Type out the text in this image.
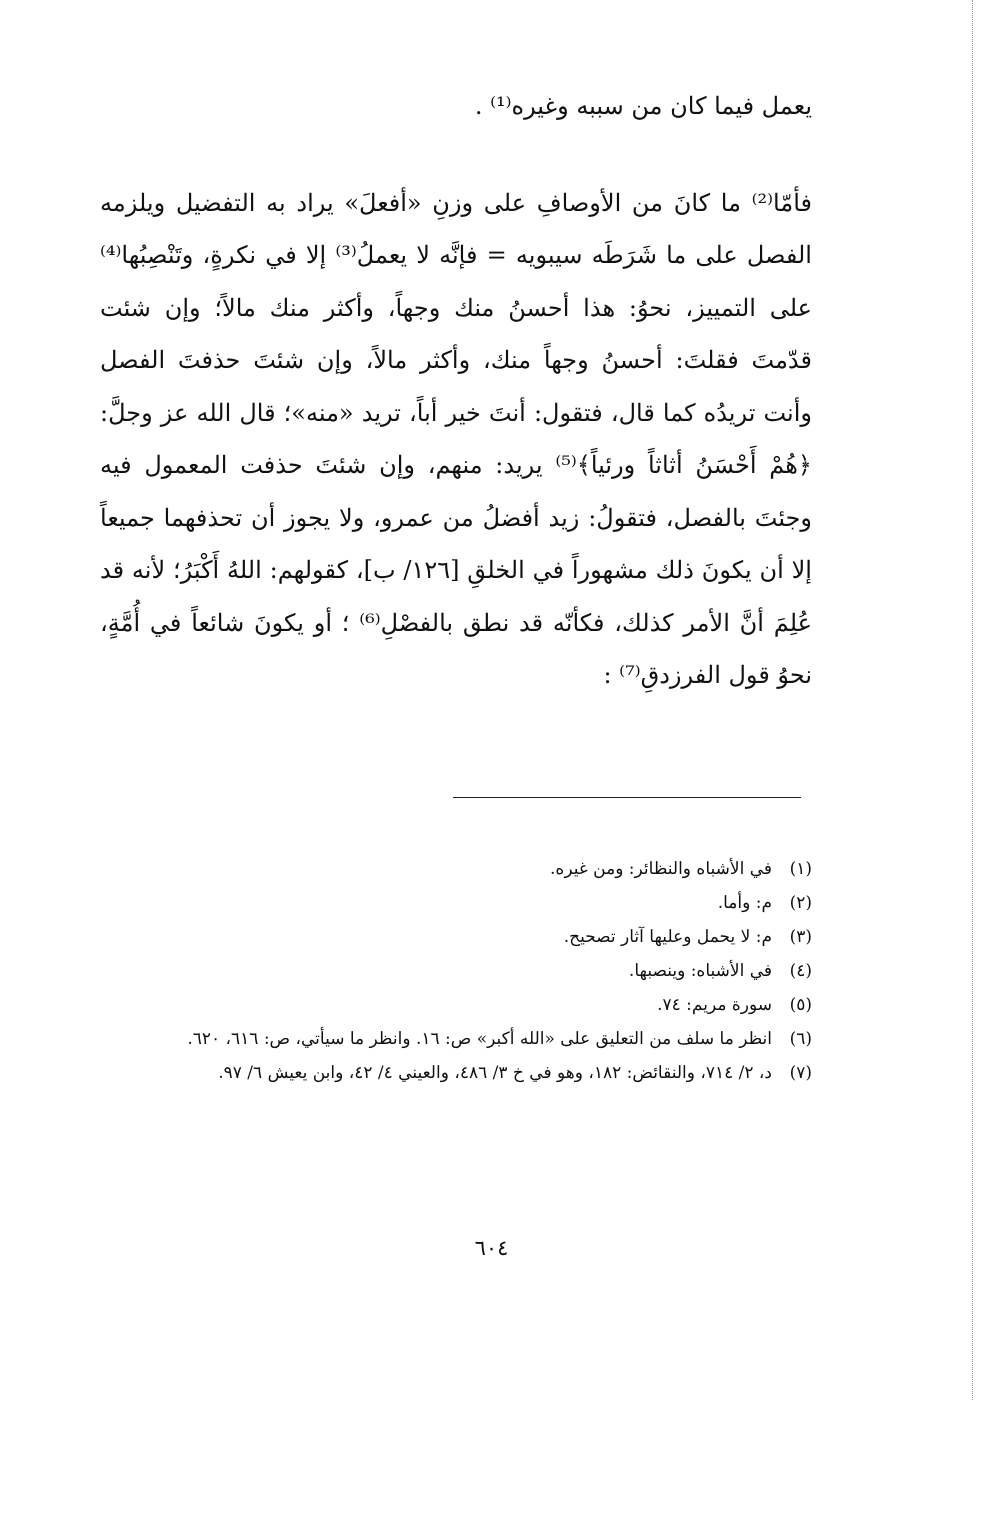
يعمل فيما كان من سببه وغيره⁽¹⁾ .

فأمّا⁽²⁾ ما كانَ من الأوصافِ على وزنِ «أفعلَ» يراد به التفضيل ويلزمه الفصل على ما شَرَطَه سيبويه = فإنَّه لا يعملُ⁽³⁾ إلا في نكرةٍ، وتَنْصِبُها⁽⁴⁾ على التمييز، نحوُ: هذا أحسنُ منك وجهاً، وأكثر منك مالاً؛ وإن شئت قدّمتَ فقلتَ: أحسنُ وجهاً منك، وأكثر مالاً، وإن شئتَ حذفتَ الفصل وأنت تريدُه كما قال، فتقول: أنتَ خير أباً، تريد «منه»؛ قال الله عز وجلَّ: ﴿هُمْ أَحْسَنُ أثاثاً ورئياً﴾⁽⁵⁾ يريد: منهم، وإن شئتَ حذفت المعمول فيه وجئتَ بالفصل، فتقولُ: زيد أفضلُ من عمرو، ولا يجوز أن تحذفهما جميعاً إلا أن يكونَ ذلك مشهوراً في الخلقِ [١٢٦/ ب]، كقولهم: اللهُ أَكْبَرُ؛ لأنه قد عُلِمَ أنَّ الأمر كذلك، فكأنّه قد نطق بالفصْلِ⁽⁶⁾ ؛ أو يكونَ شائعاً في أُمَّةٍ، نحوُ قول الفرزدقِ⁽⁷⁾ :

(١)
في الأشباه والنظائر: ومن غيره.
(٢)
م: وأما.
(٣)
م: لا يحمل وعليها آثار تصحيح.
(٤)
في الأشباه: وينصبها.
(٥)
سورة مريم: ٧٤.
(٦)
انظر ما سلف من التعليق على «الله أكبر» ص: ١٦. وانظر ما سيأتي، ص: ٦١٦، ٦٢٠.
(٧)
د، ٢/ ٧١٤، والنقائض: ١٨٢، وهو في خ ٣/ ٤٨٦، والعيني ٤/ ٤٢، وابن يعيش ٦/ ٩٧.
٦٠٤
